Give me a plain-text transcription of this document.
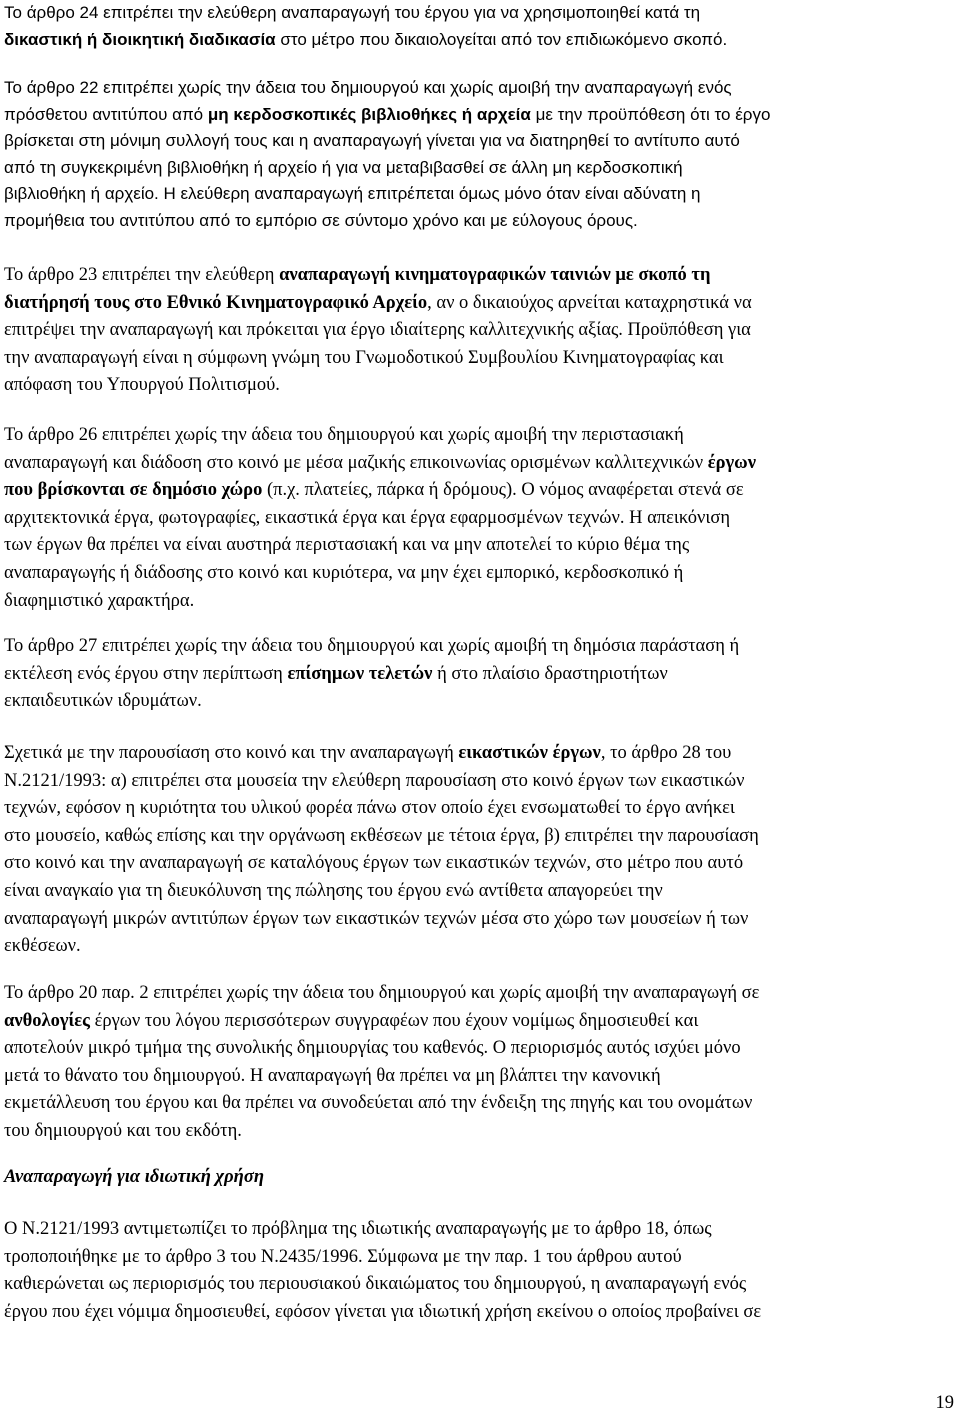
Το άρθρο 24 επιτρέπει την ελεύθερη αναπαραγωγή του έργου για να χρησιμοποιηθεί κατά τη
δικαστική ή διοικητική διαδικασία στο μέτρο που δικαιολογείται από τον επιδιωκόμενο σκοπό.
Το άρθρο 22 επιτρέπει χωρίς την άδεια του δημιουργού και χωρίς αμοιβή την αναπαραγωγή ενός
πρόσθετου αντιτύπου από μη κερδοσκοπικές βιβλιοθήκες ή αρχεία με την προϋπόθεση ότι το έργο
βρίσκεται στη μόνιμη συλλογή τους και η αναπαραγωγή γίνεται για να διατηρηθεί το αντίτυπο αυτό
από τη συγκεκριμένη βιβλιοθήκη ή αρχείο ή για να μεταβιβασθεί σε άλλη μη κερδοσκοπική
βιβλιοθήκη ή αρχείο. Η ελεύθερη αναπαραγωγή επιτρέπεται όμως μόνο όταν είναι αδύνατη η
προμήθεια του αντιτύπου από το εμπόριο σε σύντομο χρόνο και με εύλογους όρους.
Το άρθρο 23 επιτρέπει την ελεύθερη αναπαραγωγή κινηματογραφικών ταινιών με σκοπό τη
διατήρησή τους στο Εθνικό Κινηματογραφικό Αρχείο, αν ο δικαιούχος αρνείται καταχρηστικά να
επιτρέψει την αναπαραγωγή και πρόκειται για έργο ιδιαίτερης καλλιτεχνικής αξίας. Προϋπόθεση για
την αναπαραγωγή είναι η σύμφωνη γνώμη του Γνωμοδοτικού Συμβουλίου Κινηματογραφίας και
απόφαση του Υπουργού Πολιτισμού.
Το άρθρο 26 επιτρέπει χωρίς την άδεια του δημιουργού και χωρίς αμοιβή την περιστασιακή
αναπαραγωγή και διάδοση στο κοινό με μέσα μαζικής επικοινωνίας ορισμένων καλλιτεχνικών έργων
που βρίσκονται σε δημόσιο χώρο (π.χ. πλατείες, πάρκα ή δρόμους). Ο νόμος αναφέρεται στενά σε
αρχιτεκτονικά έργα, φωτογραφίες, εικαστικά έργα και έργα εφαρμοσμένων τεχνών. Η απεικόνιση
των έργων θα πρέπει να είναι αυστηρά περιστασιακή και να μην αποτελεί το κύριο θέμα της
αναπαραγωγής ή διάδοσης στο κοινό και κυριότερα, να μην έχει εμπορικό, κερδοσκοπικό ή
διαφημιστικό χαρακτήρα.
Το άρθρο 27 επιτρέπει χωρίς την άδεια του δημιουργού και χωρίς αμοιβή τη δημόσια παράσταση ή
εκτέλεση ενός έργου στην περίπτωση επίσημων τελετών ή στο πλαίσιο δραστηριοτήτων
εκπαιδευτικών ιδρυμάτων.
Σχετικά με την παρουσίαση στο κοινό και την αναπαραγωγή εικαστικών έργων, το άρθρο 28 του
Ν.2121/1993: α) επιτρέπει στα μουσεία την ελεύθερη παρουσίαση στο κοινό έργων των εικαστικών
τεχνών, εφόσον η κυριότητα του υλικού φορέα πάνω στον οποίο έχει ενσωματωθεί το έργο ανήκει
στο μουσείο, καθώς επίσης και την οργάνωση εκθέσεων με τέτοια έργα, β) επιτρέπει την παρουσίαση
στο κοινό και την αναπαραγωγή σε καταλόγους έργων των εικαστικών τεχνών, στο μέτρο που αυτό
είναι αναγκαίο για τη διευκόλυνση της πώλησης του έργου ενώ αντίθετα απαγορεύει την
αναπαραγωγή μικρών αντιτύπων έργων των εικαστικών τεχνών μέσα στο χώρο των μουσείων ή των
εκθέσεων.
Το άρθρο 20 παρ. 2 επιτρέπει χωρίς την άδεια του δημιουργού και χωρίς αμοιβή την αναπαραγωγή σε
ανθολογίες έργων του λόγου περισσότερων συγγραφέων που έχουν νομίμως δημοσιευθεί και
αποτελούν μικρό τμήμα της συνολικής δημιουργίας του καθενός. Ο περιορισμός αυτός ισχύει μόνο
μετά το θάνατο του δημιουργού. Η αναπαραγωγή θα πρέπει να μη βλάπτει την κανονική
εκμετάλλευση του έργου και θα πρέπει να συνοδεύεται από την ένδειξη της πηγής και του ονομάτων
του δημιουργού και του εκδότη.
Αναπαραγωγή για ιδιωτική χρήση
Ο Ν.2121/1993 αντιμετωπίζει το πρόβλημα της ιδιωτικής αναπαραγωγής με το άρθρο 18, όπως
τροποποιήθηκε με το άρθρο 3 του Ν.2435/1996. Σύμφωνα με την παρ. 1 του άρθρου αυτού
καθιερώνεται ως περιορισμός του περιουσιακού δικαιώματος του δημιουργού, η αναπαραγωγή ενός
έργου που έχει νόμιμα δημοσιευθεί, εφόσον γίνεται για ιδιωτική χρήση εκείνου ο οποίος προβαίνει σε
19
